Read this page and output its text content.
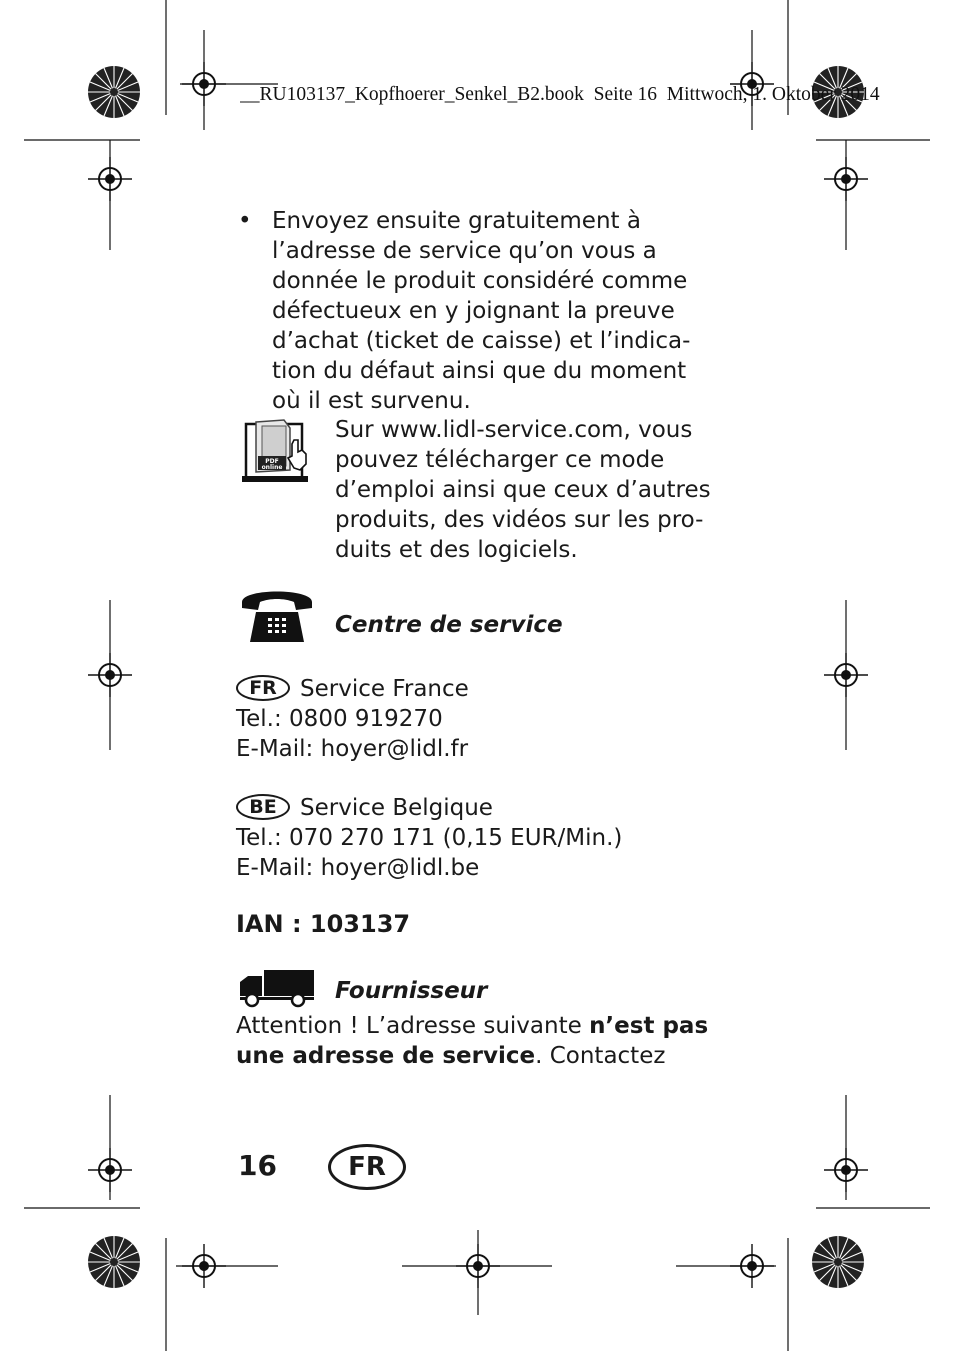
__RU103137_Kopfhoerer_Senkel_B2.book Seite 16 Mittwoch, 1. Oktober 2014
• Envoyez ensuite gratuitement à
l’adresse de service qu’on vous a
donnée le produit considéré comme
défectueux en y joignant la preuve
d’achat (ticket de caisse) et l’indica-
tion du défaut ainsi que du moment
où il est survenu.
PDF
online
Sur www.lidl-service.com, vous
pouvez télécharger ce mode
d’emploi ainsi que ceux d’autres
produits, des vidéos sur les pro-
duits et des logiciels.
Centre de service
FR Service France
Tel.: 0800 919270
E-Mail: hoyer@lidl.fr
BE Service Belgique
Tel.: 070 270 171 (0,15 EUR/Min.)
E-Mail: hoyer@lidl.be
IAN : 103137
Fournisseur
Attention ! L’adresse suivante n’est pas
une adresse de service. Contactez
16	FR
